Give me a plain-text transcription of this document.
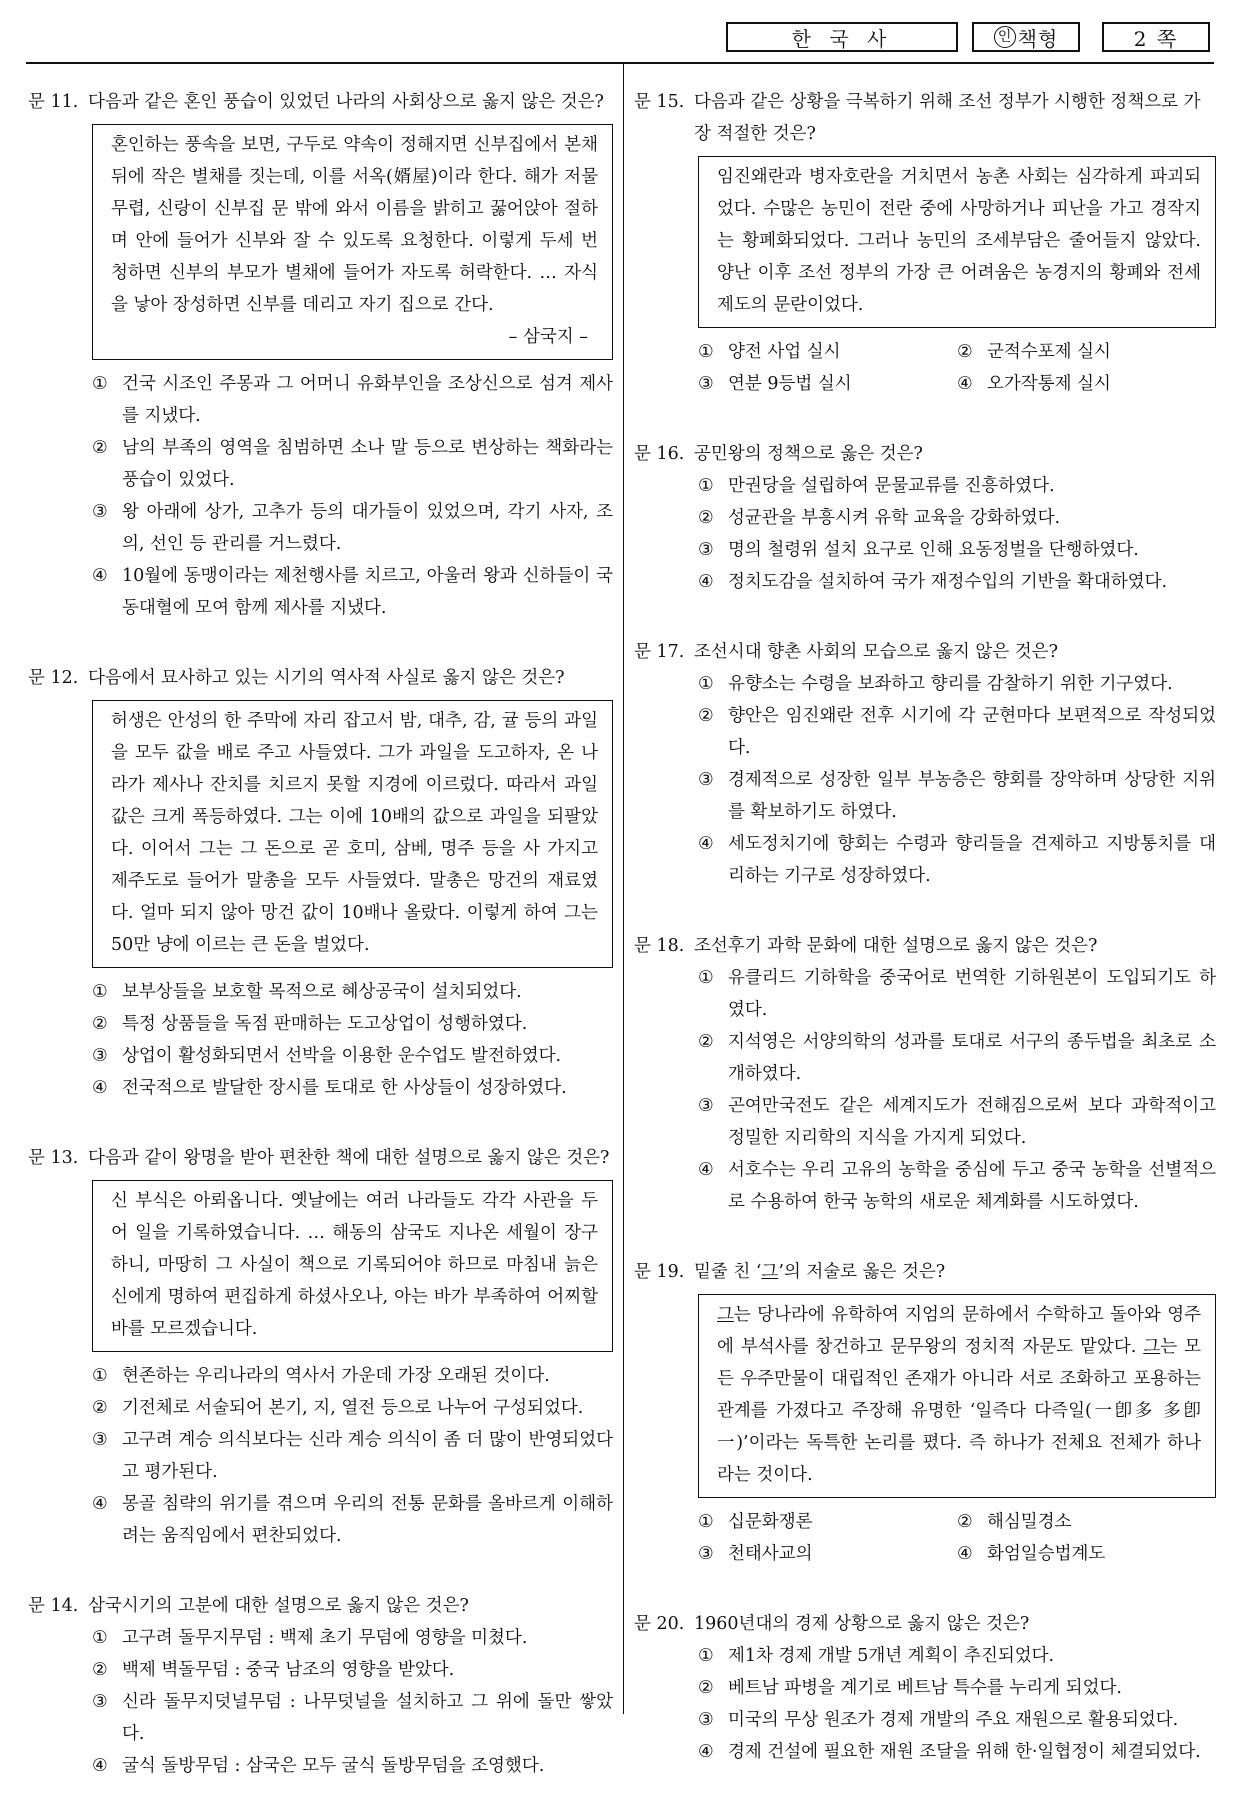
한 국 사	인 책형	2 쪽
문 11. 다음과 같은 혼인 풍습이 있었던 나라의 사회상으로 옳지 않은 것은?
혼인하는 풍속을 보면, 구두로 약속이 정해지면 신부집에서 본채 뒤에 작은 별채를 짓는데, 이를 서옥(婿屋)이라 한다. 해가 저물 무렵, 신랑이 신부집 문 밖에 와서 이름을 밝히고 꿇어앉아 절하며 안에 들어가 신부와 잘 수 있도록 요청한다. 이렇게 두세 번 청하면 신부의 부모가 별채에 들어가 자도록 허락한다. … 자식을 낳아 장성하면 신부를 데리고 자기 집으로 간다.
– 삼국지 –
① 건국 시조인 주몽과 그 어머니 유화부인을 조상신으로 섬겨 제사를 지냈다.
② 남의 부족의 영역을 침범하면 소나 말 등으로 변상하는 책화라는 풍습이 있었다.
③ 왕 아래에 상가, 고추가 등의 대가들이 있었으며, 각기 사자, 조의, 선인 등 관리를 거느렸다.
④ 10월에 동맹이라는 제천행사를 치르고, 아울러 왕과 신하들이 국동대혈에 모여 함께 제사를 지냈다.
문 12. 다음에서 묘사하고 있는 시기의 역사적 사실로 옳지 않은 것은?
허생은 안성의 한 주막에 자리 잡고서 밤, 대추, 감, 귤 등의 과일을 모두 값을 배로 주고 사들였다. 그가 과일을 도고하자, 온 나라가 제사나 잔치를 치르지 못할 지경에 이르렀다. 따라서 과일값은 크게 폭등하였다. 그는 이에 10배의 값으로 과일을 되팔았다. 이어서 그는 그 돈으로 곧 호미, 삼베, 명주 등을 사 가지고 제주도로 들어가 말총을 모두 사들였다. 말총은 망건의 재료였다. 얼마 되지 않아 망건 값이 10배나 올랐다. 이렇게 하여 그는 50만 냥에 이르는 큰 돈을 벌었다.
① 보부상들을 보호할 목적으로 혜상공국이 설치되었다.
② 특정 상품들을 독점 판매하는 도고상업이 성행하였다.
③ 상업이 활성화되면서 선박을 이용한 운수업도 발전하였다.
④ 전국적으로 발달한 장시를 토대로 한 사상들이 성장하였다.
문 13. 다음과 같이 왕명을 받아 편찬한 책에 대한 설명으로 옳지 않은 것은?
신 부식은 아뢰옵니다. 옛날에는 여러 나라들도 각각 사관을 두어 일을 기록하였습니다. … 해동의 삼국도 지나온 세월이 장구하니, 마땅히 그 사실이 책으로 기록되어야 하므로 마침내 늙은 신에게 명하여 편집하게 하셨사오나, 아는 바가 부족하여 어찌할 바를 모르겠습니다.
① 현존하는 우리나라의 역사서 가운데 가장 오래된 것이다.
② 기전체로 서술되어 본기, 지, 열전 등으로 나누어 구성되었다.
③ 고구려 계승 의식보다는 신라 계승 의식이 좀 더 많이 반영되었다고 평가된다.
④ 몽골 침략의 위기를 겪으며 우리의 전통 문화를 올바르게 이해하려는 움직임에서 편찬되었다.
문 14. 삼국시기의 고분에 대한 설명으로 옳지 않은 것은?
① 고구려 돌무지무덤 : 백제 초기 무덤에 영향을 미쳤다.
② 백제 벽돌무덤 : 중국 남조의 영향을 받았다.
③ 신라 돌무지덧널무덤 : 나무덧널을 설치하고 그 위에 돌만 쌓았다.
④ 굴식 돌방무덤 : 삼국은 모두 굴식 돌방무덤을 조영했다.
문 15. 다음과 같은 상황을 극복하기 위해 조선 정부가 시행한 정책으로 가장 적절한 것은?
임진왜란과 병자호란을 거치면서 농촌 사회는 심각하게 파괴되었다. 수많은 농민이 전란 중에 사망하거나 피난을 가고 경작지는 황폐화되었다. 그러나 농민의 조세부담은 줄어들지 않았다. 양난 이후 조선 정부의 가장 큰 어려움은 농경지의 황폐와 전세 제도의 문란이었다.
① 양전 사업 실시	② 군적수포제 실시
③ 연분 9등법 실시	④ 오가작통제 실시
문 16. 공민왕의 정책으로 옳은 것은?
① 만권당을 설립하여 문물교류를 진흥하였다.
② 성균관을 부흥시켜 유학 교육을 강화하였다.
③ 명의 철령위 설치 요구로 인해 요동정벌을 단행하였다.
④ 정치도감을 설치하여 국가 재정수입의 기반을 확대하였다.
문 17. 조선시대 향촌 사회의 모습으로 옳지 않은 것은?
① 유향소는 수령을 보좌하고 향리를 감찰하기 위한 기구였다.
② 향안은 임진왜란 전후 시기에 각 군현마다 보편적으로 작성되었다.
③ 경제적으로 성장한 일부 부농층은 향회를 장악하며 상당한 지위를 확보하기도 하였다.
④ 세도정치기에 향회는 수령과 향리들을 견제하고 지방통치를 대리하는 기구로 성장하였다.
문 18. 조선후기 과학 문화에 대한 설명으로 옳지 않은 것은?
① 유클리드 기하학을 중국어로 번역한 기하원본이 도입되기도 하였다.
② 지석영은 서양의학의 성과를 토대로 서구의 종두법을 최초로 소개하였다.
③ 곤여만국전도 같은 세계지도가 전해짐으로써 보다 과학적이고 정밀한 지리학의 지식을 가지게 되었다.
④ 서호수는 우리 고유의 농학을 중심에 두고 중국 농학을 선별적으로 수용하여 한국 농학의 새로운 체계화를 시도하였다.
문 19. 밑줄 친 ‘그’의 저술로 옳은 것은?
그는 당나라에 유학하여 지엄의 문하에서 수학하고 돌아와 영주에 부석사를 창건하고 문무왕의 정치적 자문도 맡았다. 그는 모든 우주만물이 대립적인 존재가 아니라 서로 조화하고 포용하는 관계를 가졌다고 주장해 유명한 ‘일즉다 다즉일(一卽多 多卽一)’이라는 독특한 논리를 폈다. 즉 하나가 전체요 전체가 하나라는 것이다.
① 십문화쟁론	② 해심밀경소
③ 천태사교의	④ 화엄일승법계도
문 20. 1960년대의 경제 상황으로 옳지 않은 것은?
① 제1차 경제 개발 5개년 계획이 추진되었다.
② 베트남 파병을 계기로 베트남 특수를 누리게 되었다.
③ 미국의 무상 원조가 경제 개발의 주요 재원으로 활용되었다.
④ 경제 건설에 필요한 재원 조달을 위해 한·일협정이 체결되었다.
